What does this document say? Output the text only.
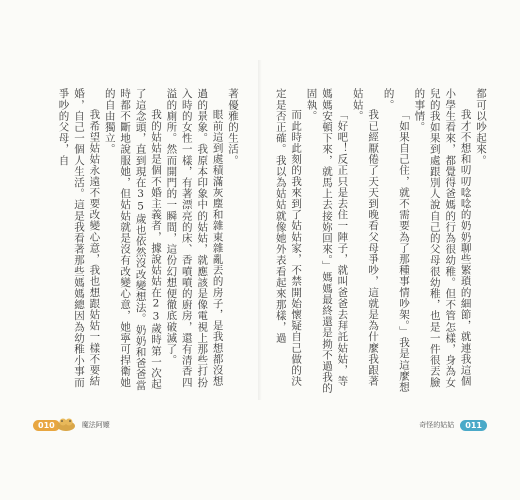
著優雅的生活。

眼前這到處積滿灰塵和雜東雜亂丟的房子，是我想都沒想過的景象。我原本印象中的姑姑，就應該是像電視上那些打扮入時的女性一樣，有著漂亮的床、香噴噴的廚房，還有清香四溢的廁所。然而開門的一瞬間，這份幻想便徹底破滅了。

我的姑姑是個不婚主義者，據說姑姑在23歲時第一次起了這念頭，直到現在35歲也依然沒改變想法。奶奶和爸爸當時都不斷地說服她，但姑姑就是沒有改變心意，她寧可捍衛她的自由獨立。

我希望姑姑永遠不要改變心意，我也想跟姑姑一樣不要結婚，自己一個人生活。這是我看著那些媽媽總因為幼稚小事而爭吵的父母，自

010	魔法阿嬤	奇怪的姑姑	011

都可以吵起來。

我才不想和叨叨唸唸的奶奶聊些繁瑣的細節，就連我這個小學生看來，都覺得爸媽的行為很幼稚。但不管怎樣，身為女兒的我如果到處跟別人說自己的父母很幼稚，也是一件很丟臉的事情。

「如果自己住，就不需要為了那種事情吵架。」我是這麼想的。

我已經厭倦了天天到晚看父母爭吵，這就是為什麼我跟著姑姑。

「好吧！反正只是去住一陣子，就叫爸爸去拜託姑姑，等媽媽安頓下來，就馬上去接妳回來。」媽媽最終還是拗不過我的固執。

而此時此刻的我來到了姑姑家，不禁開始懷疑自己做的決定是否正確。我以為姑姑就像她外表看起來那樣，過
